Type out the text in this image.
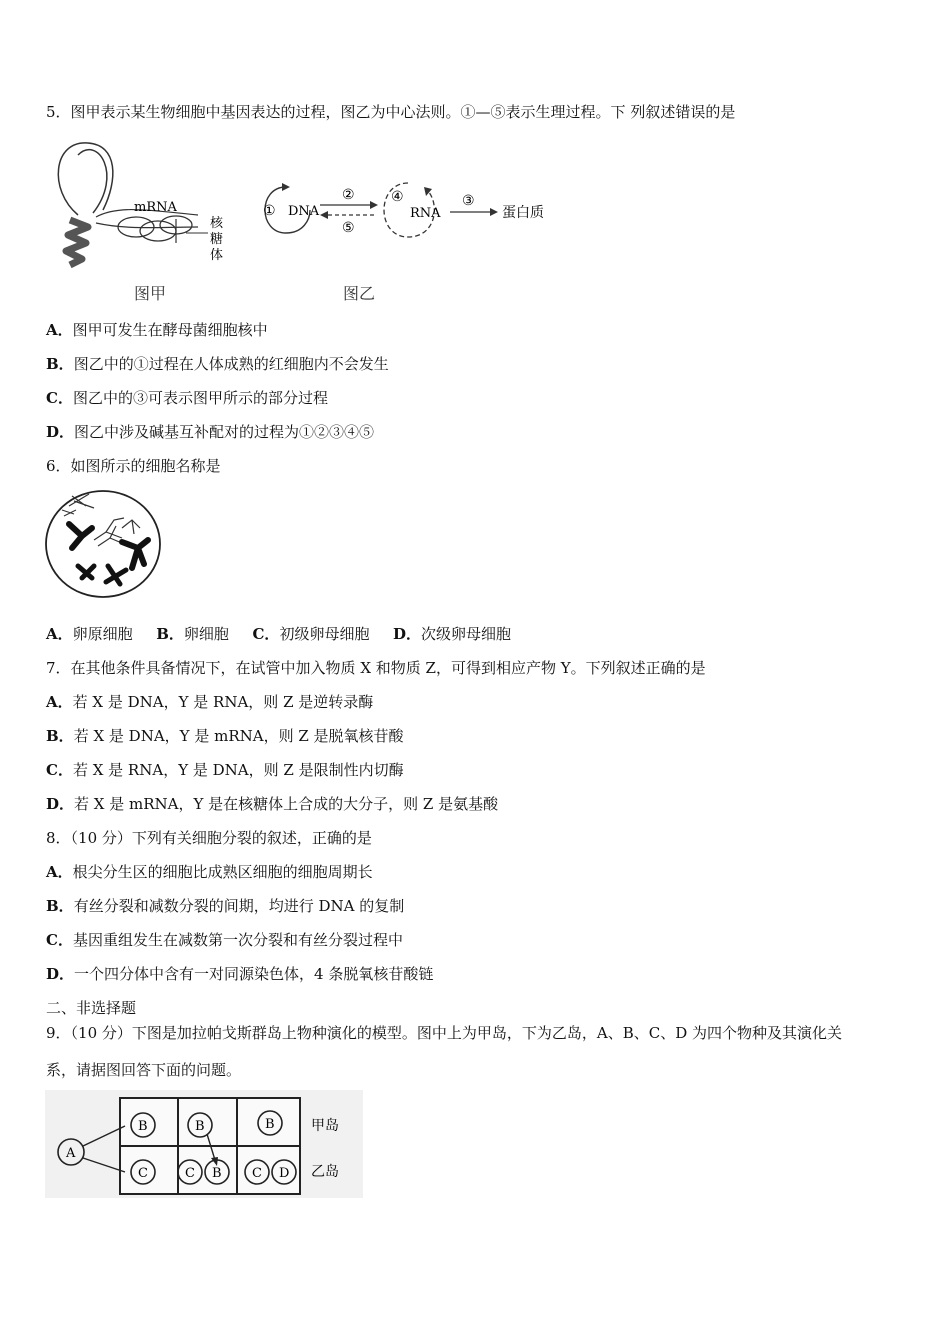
5．图甲表示某生物细胞中基因表达的过程，图乙为中心法则。①—⑤表示生理过程。下 列叙述错误的是
mRNA
核
糖
体
图甲
① DNA
②
⑤
④
RNA
③
蛋白质
图乙
A．图甲可发生在酵母菌细胞核中
B．图乙中的①过程在人体成熟的红细胞内不会发生
C．图乙中的③可表示图甲所示的部分过程
D．图乙中涉及碱基互补配对的过程为①②③④⑤
6．如图所示的细胞名称是
A．卵原细胞 B．卵细胞 C．初级卵母细胞 D．次级卵母细胞
7．在其他条件具备情况下，在试管中加入物质 X 和物质 Z，可得到相应产物 Y。下列叙述正确的是
A．若 X 是 DNA，Y 是 RNA，则 Z 是逆转录酶
B．若 X 是 DNA，Y 是 mRNA，则 Z 是脱氧核苷酸
C．若 X 是 RNA，Y 是 DNA，则 Z 是限制性内切酶
D．若 X 是 mRNA，Y 是在核糖体上合成的大分子，则 Z 是氨基酸
8．（10 分）下列有关细胞分裂的叙述，正确的是
A．根尖分生区的细胞比成熟区细胞的细胞周期长
B．有丝分裂和减数分裂的间期，均进行 DNA 的复制
C．基因重组发生在减数第一次分裂和有丝分裂过程中
D．一个四分体中含有一对同源染色体，4 条脱氧核苷酸链
二、非选择题
9．（10 分）下图是加拉帕戈斯群岛上物种演化的模型。图中上为甲岛，下为乙岛，A、B、C、D 为四个物种及其演化关
系，请据图回答下面的问题。
A
B	B	B
C	C B C D
甲岛
乙岛
